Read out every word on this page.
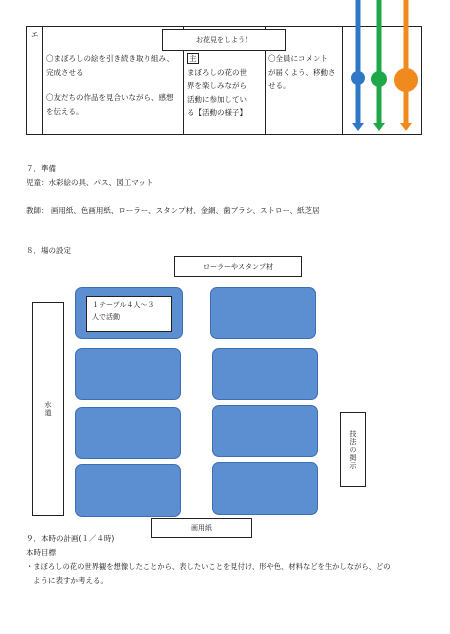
エ
お花見をしよう！
〇まぼろしの絵を引き続き取り組み、
完成させる
〇友だちの作品を見合いながら、感想
を伝える。
主
まぼろしの花の世
界を楽しみながら
活動に参加してい
る【活動の様子】
〇全員にコメント
が届くよう、移動さ
せる。
７．準備
児童：水彩絵の具、パス、図工マット
教師： 画用紙、色画用紙、ローラー、スタンプ材、金網、歯ブラシ、ストロー、紙芝居
８．場の設定
ローラーやスタンプ材
１テーブル４人～３
人で活動
水道
技法の掲示
画用紙
９．本時の計画(１／４時)
本時目標
・まぼろしの花の世界観を想像したことから、表したいことを見付け、形や色、材料などを生かしながら、どの
ように表すか考える。
